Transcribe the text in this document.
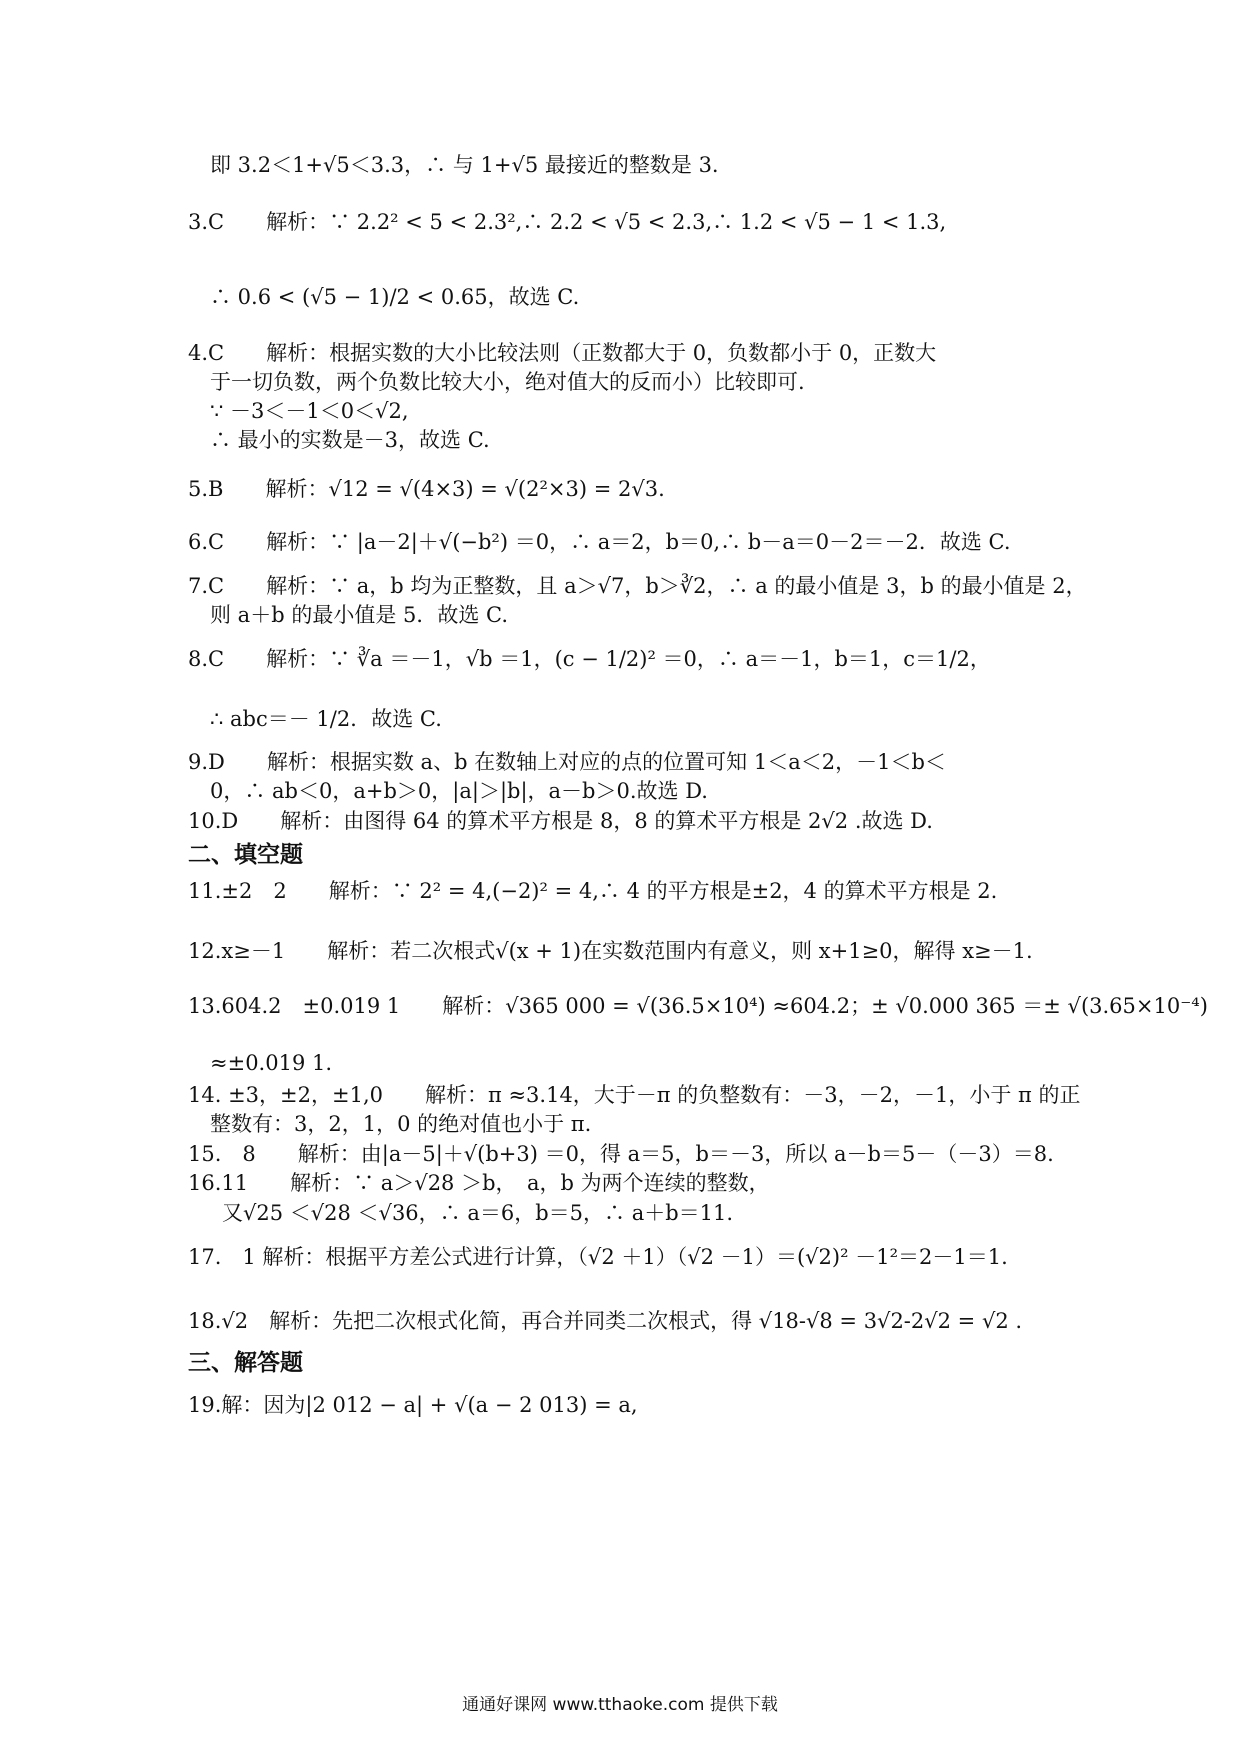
即 3.2＜1+√5＜3.3，∴ 与 1+√5 最接近的整数是 3.
3.C　　解析：∵ 2.2² < 5 < 2.3²,∴ 2.2 < √5 < 2.3,∴ 1.2 < √5 − 1 < 1.3,
∴ 0.6 < (√5 − 1)/2 < 0.65，故选 C.
4.C　　解析：根据实数的大小比较法则（正数都大于 0，负数都小于 0，正数大
于一切负数，两个负数比较大小，绝对值大的反而小）比较即可.
∵ －3＜－1＜0＜√2,
∴ 最小的实数是－3，故选 C.
5.B　　解析：√12 = √(4×3) = √(2²×3) = 2√3.
6.C　　解析：∵ |a－2|＋√(−b²) ＝0，∴ a＝2，b＝0,∴ b－a＝0－2＝－2．故选 C.
7.C　　解析：∵ a，b 均为正整数，且 a＞√7，b＞∛2，∴ a 的最小值是 3，b 的最小值是 2，
则 a＋b 的最小值是 5．故选 C.
8.C　　解析：∵ ∛a ＝－1，√b ＝1，(c − 1/2)² ＝0，∴ a＝－1，b＝1，c＝1/2，
∴ abc＝－ 1/2．故选 C.
9.D　　解析：根据实数 a、b 在数轴上对应的点的位置可知 1＜a＜2，－1＜b＜
0，∴ ab＜0，a+b＞0，|a|＞|b|，a－b＞0.故选 D.
10.D　　解析：由图得 64 的算术平方根是 8，8 的算术平方根是 2√2 .故选 D.
二、填空题
11.±2　2　　解析：∵ 2² = 4,(−2)² = 4,∴ 4 的平方根是±2，4 的算术平方根是 2.
12.x≥－1　　解析：若二次根式√(x + 1)在实数范围内有意义，则 x+1≥0，解得 x≥－1.
13.604.2　±0.019 1　　解析：√365 000 = √(36.5×10⁴) ≈604.2；± √0.000 365 ＝± √(3.65×10⁻⁴)
≈±0.019 1.
14. ±3，±2，±1,0　　解析：π ≈3.14，大于－π 的负整数有：－3，－2，－1，小于 π 的正
整数有：3，2，1，0 的绝对值也小于 π.
15.　8　　解析：由|a－5|＋√(b+3) ＝0，得 a＝5，b＝－3，所以 a－b＝5－（－3）＝8.
16.11　　解析：∵ a＞√28 ＞b，　a，b 为两个连续的整数，
又√25 ＜√28 ＜√36，∴ a＝6，b＝5，∴ a＋b＝11.
17.　1 解析：根据平方差公式进行计算，（√2 ＋1）（√2 －1）＝(√2)² －1²＝2－1＝1.
18.√2　解析：先把二次根式化简，再合并同类二次根式，得 √18-√8 = 3√2-2√2 = √2 .
三、解答题
19.解：因为|2 012 − a| + √(a − 2 013) = a,
通通好课网 www.tthaoke.com 提供下载
